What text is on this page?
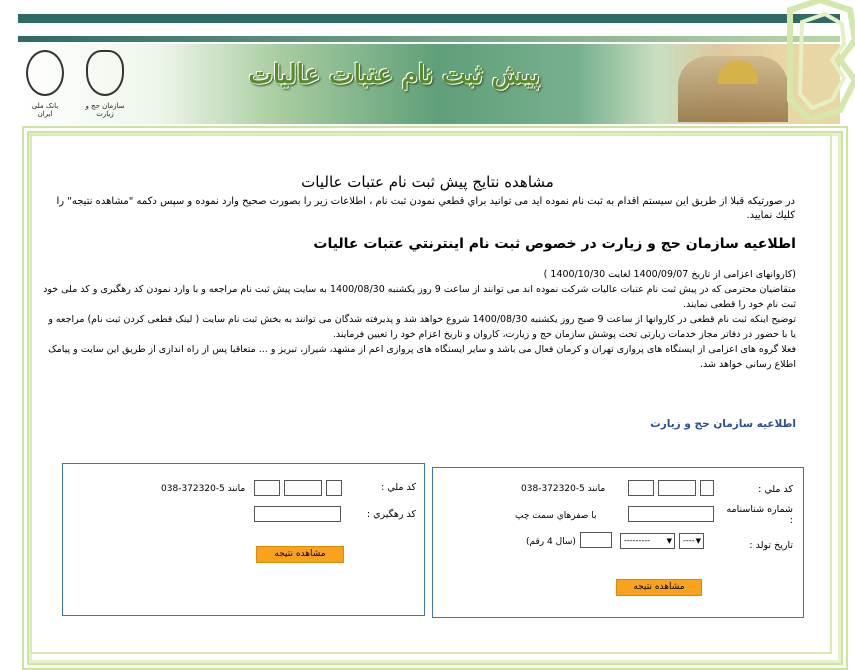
پیش ثبت نام عتبات عالیات
بانک ملی ایران
سازمان حج و زیارت
مشاهده نتايج پيش ثبت نام عتبات عاليات
در صورتیکه قبلا از طریق این سیستم اقدام به ثبت نام نموده اید می توانید براي قطعي نمودن ثبت نام ، اطلاعات زير را بصورت صحيح وارد نموده و سپس دكمه "مشاهده نتيجه" را كليك نماييد.
اطلاعيه سازمان حج و زيارت در خصوص ثبت نام اينترنتي عتبات عاليات

(کاروانهای اعزامی از تاریخ 1400/09/07 لغایت 1400/10/30 )

متقاضیان محترمی که در پیش ثبت نام عتبات عالیات شرکت نموده اند می توانند از ساعت 9 روز یکشنبه 1400/08/30 به سایت پیش ثبت نام مراجعه و با وارد نمودن کد رهگیری و کد ملی خود ثبت نام خود را قطعی نمایند.

توضیح اینکه ثبت نام قطعی در کاروانها از ساعت 9 صبح روز یکشنبه 1400/08/30 شروع خواهد شد و پذیرفته شدگان می توانند به بخش ثبت نام سایت ( لینک قطعی کردن ثبت نام) مراجعه و یا با حضور در دفاتر مجاز خدمات زیارتی تحت پوشش سازمان حج و زیارت، کاروان و تاریخ اعزام خود را تعیین فرمایند.

فعلا گروه های اعزامی از ایستگاه های پروازی تهران و کرمان فعال می باشد و سایر ایستگاه های پروازی اعم از مشهد، شیراز، تبریز و ... متعاقبا پس از راه اندازی از طریق این سایت و پیامک اطلاع رسانی خواهد شد.

اطلاعيه سازمان حج و زيارت
كد ملي :
مانند 5-372320-038
كد رهگيري :
مشاهده نتيجه
كد ملي :
مانند 5-372320-038
شماره شناسنامه :
با صفرهاي سمت چپ
تاريخ تولد :
---- ▼
--------- ▼
(سال 4 رقم)
مشاهده نتيجه
